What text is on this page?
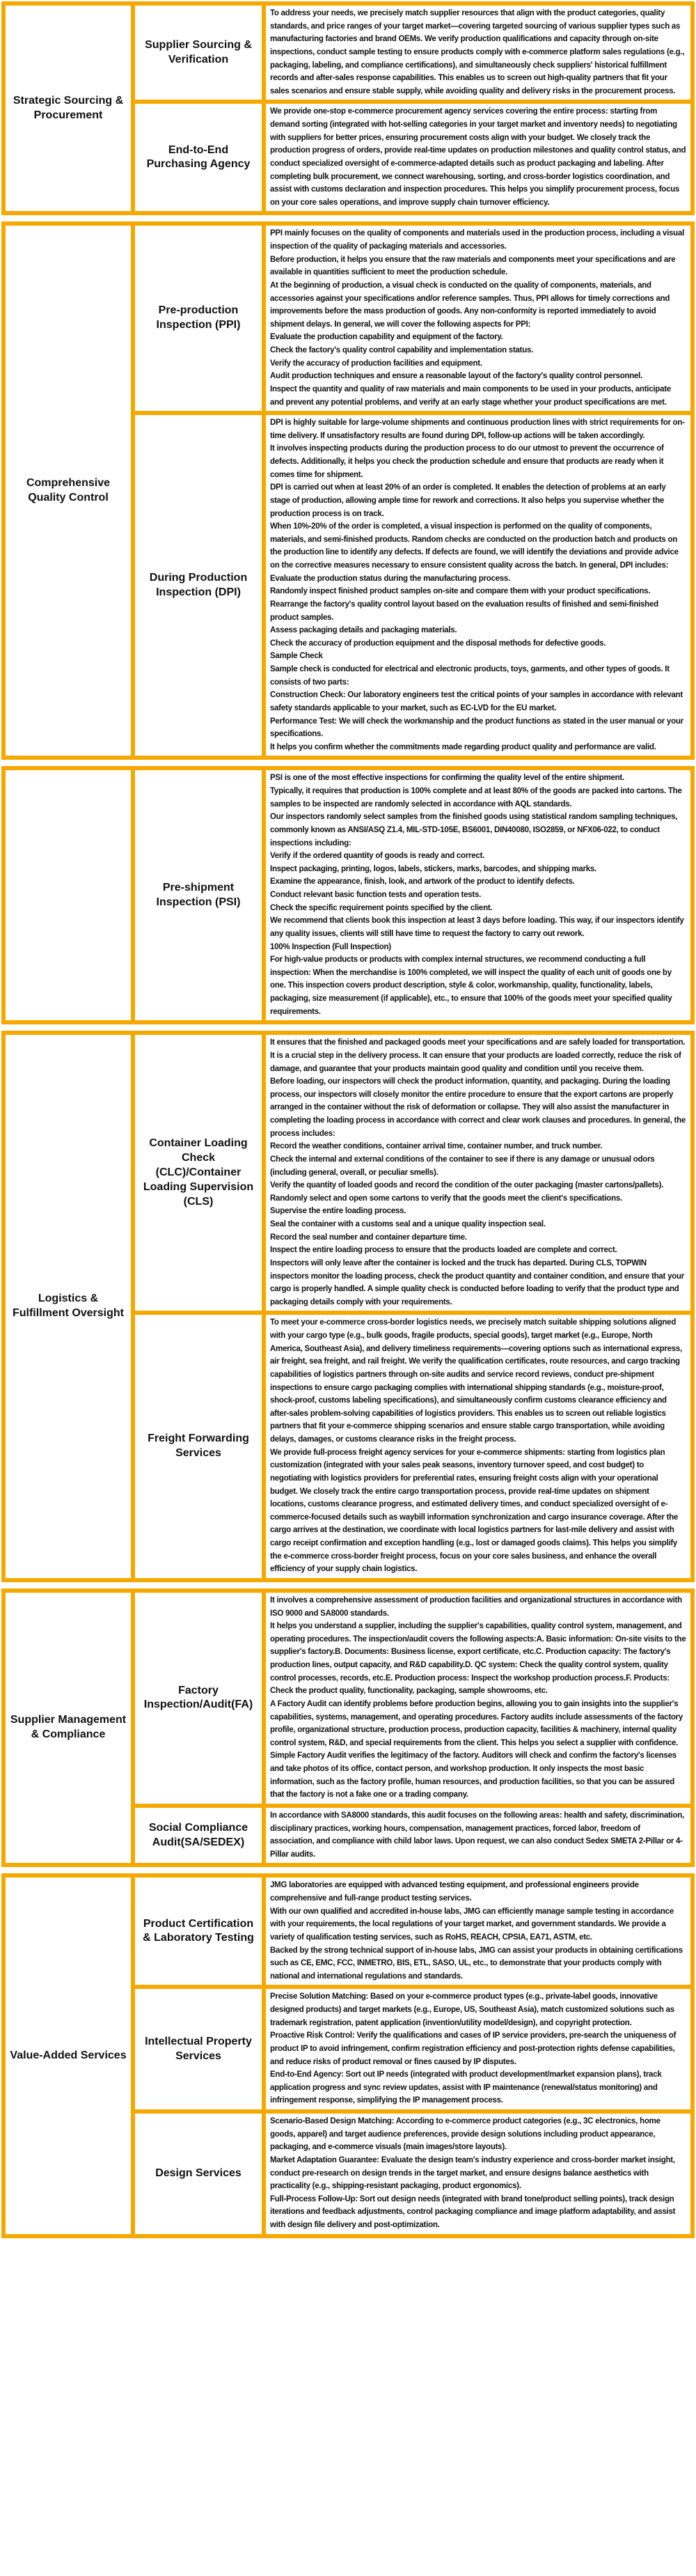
Strategic Sourcing & Procurement
Supplier Sourcing & Verification

To address your needs, we precisely match supplier resources that align with the product categories, quality standards, and price ranges of your target market—covering targeted sourcing of various supplier types such as manufacturing factories and brand OEMs. We verify production qualifications and capacity through on-site inspections, conduct sample testing to ensure products comply with e-commerce platform sales regulations (e.g., packaging, labeling, and compliance certifications), and simultaneously check suppliers' historical fulfillment records and after-sales response capabilities. This enables us to screen out high-quality partners that fit your sales scenarios and ensure stable supply, while avoiding quality and delivery risks in the procurement process.

End-to-End Purchasing Agency

We provide one-stop e-commerce procurement agency services covering the entire process: starting from demand sorting (integrated with hot-selling categories in your target market and inventory needs) to negotiating with suppliers for better prices, ensuring procurement costs align with your budget. We closely track the production progress of orders, provide real-time updates on production milestones and quality control status, and conduct specialized oversight of e-commerce-adapted details such as product packaging and labeling. After completing bulk procurement, we connect warehousing, sorting, and cross-border logistics coordination, and assist with customs declaration and inspection procedures. This helps you simplify procurement process, focus on your core sales operations, and improve supply chain turnover efficiency.

Comprehensive Quality Control
Pre-production Inspection (PPI)

PPI mainly focuses on the quality of components and materials used in the production process, including a visual inspection of the quality of packaging materials and accessories.

Before production, it helps you ensure that the raw materials and components meet your specifications and are available in quantities sufficient to meet the production schedule.

At the beginning of production, a visual check is conducted on the quality of components, materials, and accessories against your specifications and/or reference samples. Thus, PPI allows for timely corrections and improvements before the mass production of goods. Any non-conformity is reported immediately to avoid shipment delays. In general, we will cover the following aspects for PPI:

Evaluate the production capability and equipment of the factory.

Check the factory's quality control capability and implementation status.

Verify the accuracy of production facilities and equipment.

Audit production techniques and ensure a reasonable layout of the factory's quality control personnel.

Inspect the quantity and quality of raw materials and main components to be used in your products, anticipate and prevent any potential problems, and verify at an early stage whether your product specifications are met.

During Production Inspection (DPI)

DPI is highly suitable for large-volume shipments and continuous production lines with strict requirements for on-time delivery. If unsatisfactory results are found during DPI, follow-up actions will be taken accordingly.

It involves inspecting products during the production process to do our utmost to prevent the occurrence of defects. Additionally, it helps you check the production schedule and ensure that products are ready when it comes time for shipment.

DPI is carried out when at least 20% of an order is completed. It enables the detection of problems at an early stage of production, allowing ample time for rework and corrections. It also helps you supervise whether the production process is on track.

When 10%-20% of the order is completed, a visual inspection is performed on the quality of components, materials, and semi-finished products. Random checks are conducted on the production batch and products on the production line to identify any defects. If defects are found, we will identify the deviations and provide advice on the corrective measures necessary to ensure consistent quality across the batch. In general, DPI includes:

Evaluate the production status during the manufacturing process.

Randomly inspect finished product samples on-site and compare them with your product specifications.

Rearrange the factory's quality control layout based on the evaluation results of finished and semi-finished product samples.

Assess packaging details and packaging materials.

Check the accuracy of production equipment and the disposal methods for defective goods.

Sample Check

Sample check is conducted for electrical and electronic products, toys, garments, and other types of goods. It consists of two parts:

Construction Check: Our laboratory engineers test the critical points of your samples in accordance with relevant safety standards applicable to your market, such as EC-LVD for the EU market.

Performance Test: We will check the workmanship and the product functions as stated in the user manual or your specifications.

It helps you confirm whether the commitments made regarding product quality and performance are valid.

Pre-shipment Inspection (PSI)

PSI is one of the most effective inspections for confirming the quality level of the entire shipment.

Typically, it requires that production is 100% complete and at least 80% of the goods are packed into cartons. The samples to be inspected are randomly selected in accordance with AQL standards.

Our inspectors randomly select samples from the finished goods using statistical random sampling techniques, commonly known as ANSI/ASQ Z1.4, MIL-STD-105E, BS6001, DIN40080, ISO2859, or NFX06-022, to conduct inspections including:

Verify if the ordered quantity of goods is ready and correct.

Inspect packaging, printing, logos, labels, stickers, marks, barcodes, and shipping marks.

Examine the appearance, finish, look, and artwork of the product to identify defects.

Conduct relevant basic function tests and operation tests.

Check the specific requirement points specified by the client.

We recommend that clients book this inspection at least 3 days before loading. This way, if our inspectors identify any quality issues, clients will still have time to request the factory to carry out rework.

100% Inspection (Full Inspection)

For high-value products or products with complex internal structures, we recommend conducting a full inspection: When the merchandise is 100% completed, we will inspect the quality of each unit of goods one by one. This inspection covers product description, style & color, workmanship, quality, functionality, labels, packaging, size measurement (if applicable), etc., to ensure that 100% of the goods meet your specified quality requirements.

Logistics & Fulfillment Oversight
Container Loading Check (CLC)/Container Loading Supervision (CLS)

It ensures that the finished and packaged goods meet your specifications and are safely loaded for transportation.

It is a crucial step in the delivery process. It can ensure that your products are loaded correctly, reduce the risk of damage, and guarantee that your products maintain good quality and condition until you receive them.

Before loading, our inspectors will check the product information, quantity, and packaging. During the loading process, our inspectors will closely monitor the entire procedure to ensure that the export cartons are properly arranged in the container without the risk of deformation or collapse. They will also assist the manufacturer in completing the loading process in accordance with correct and clear work clauses and procedures. In general, the process includes:

Record the weather conditions, container arrival time, container number, and truck number.

Check the internal and external conditions of the container to see if there is any damage or unusual odors (including general, overall, or peculiar smells).

Verify the quantity of loaded goods and record the condition of the outer packaging (master cartons/pallets).

Randomly select and open some cartons to verify that the goods meet the client's specifications.

Supervise the entire loading process.

Seal the container with a customs seal and a unique quality inspection seal.

Record the seal number and container departure time.

Inspect the entire loading process to ensure that the products loaded are complete and correct.

Inspectors will only leave after the container is locked and the truck has departed. During CLS, TOPWIN inspectors monitor the loading process, check the product quantity and container condition, and ensure that your cargo is properly handled. A simple quality check is conducted before loading to verify that the product type and packaging details comply with your requirements.

Freight Forwarding Services

To meet your e-commerce cross-border logistics needs, we precisely match suitable shipping solutions aligned with your cargo type (e.g., bulk goods, fragile products, special goods), target market (e.g., Europe, North America, Southeast Asia), and delivery timeliness requirements—covering options such as international express, air freight, sea freight, and rail freight. We verify the qualification certificates, route resources, and cargo tracking capabilities of logistics partners through on-site audits and service record reviews, conduct pre-shipment inspections to ensure cargo packaging complies with international shipping standards (e.g., moisture-proof, shock-proof, customs labeling specifications), and simultaneously confirm customs clearance efficiency and after-sales problem-solving capabilities of logistics providers. This enables us to screen out reliable logistics partners that fit your e-commerce shipping scenarios and ensure stable cargo transportation, while avoiding delays, damages, or customs clearance risks in the freight process.

We provide full-process freight agency services for your e-commerce shipments: starting from logistics plan customization (integrated with your sales peak seasons, inventory turnover speed, and cost budget) to negotiating with logistics providers for preferential rates, ensuring freight costs align with your operational budget. We closely track the entire cargo transportation process, provide real-time updates on shipment locations, customs clearance progress, and estimated delivery times, and conduct specialized oversight of e-commerce-focused details such as waybill information synchronization and cargo insurance coverage. After the cargo arrives at the destination, we coordinate with local logistics partners for last-mile delivery and assist with cargo receipt confirmation and exception handling (e.g., lost or damaged goods claims). This helps you simplify the e-commerce cross-border freight process, focus on your core sales business, and enhance the overall efficiency of your supply chain logistics.

Supplier Management & Compliance
Factory Inspection/Audit(FA)

It involves a comprehensive assessment of production facilities and organizational structures in accordance with ISO 9000 and SA8000 standards.

It helps you understand a supplier, including the supplier's capabilities, quality control system, management, and operating procedures. The inspection/audit covers the following aspects:A. Basic information: On-site visits to the supplier's factory.B. Documents: Business license, export certificate, etc.C. Production capacity: The factory's production lines, output capacity, and R&D capability.D. QC system: Check the quality control system, quality control processes, records, etc.E. Production process: Inspect the workshop production process.F. Products: Check the product quality, functionality, packaging, sample showrooms, etc.

A Factory Audit can identify problems before production begins, allowing you to gain insights into the supplier's capabilities, systems, management, and operating procedures. Factory audits include assessments of the factory profile, organizational structure, production process, production capacity, facilities & machinery, internal quality control system, R&D, and special requirements from the client. This helps you select a supplier with confidence.

Simple Factory Audit verifies the legitimacy of the factory. Auditors will check and confirm the factory's licenses and take photos of its office, contact person, and workshop production. It only inspects the most basic information, such as the factory profile, human resources, and production facilities, so that you can be assured that the factory is not a fake one or a trading company.

Social Compliance Audit(SA/SEDEX)

In accordance with SA8000 standards, this audit focuses on the following areas: health and safety, discrimination, disciplinary practices, working hours, compensation, management practices, forced labor, freedom of association, and compliance with child labor laws. Upon request, we can also conduct Sedex SMETA 2-Pillar or 4-Pillar audits.

Value-Added Services
Product Certification & Laboratory Testing

JMG laboratories are equipped with advanced testing equipment, and professional engineers provide comprehensive and full-range product testing services.

With our own qualified and accredited in-house labs, JMG can efficiently manage sample testing in accordance with your requirements, the local regulations of your target market, and government standards. We provide a variety of qualification testing services, such as RoHS, REACH, CPSIA, EA71, ASTM, etc.

Backed by the strong technical support of in-house labs, JMG can assist your products in obtaining certifications such as CE, EMC, FCC, INMETRO, BIS, ETL, SASO, UL, etc., to demonstrate that your products comply with national and international regulations and standards.

Intellectual Property Services

Precise Solution Matching: Based on your e-commerce product types (e.g., private-label goods, innovative designed products) and target markets (e.g., Europe, US, Southeast Asia), match customized solutions such as trademark registration, patent application (invention/utility model/design), and copyright protection.

Proactive Risk Control: Verify the qualifications and cases of IP service providers, pre-search the uniqueness of product IP to avoid infringement, confirm registration efficiency and post-protection rights defense capabilities, and reduce risks of product removal or fines caused by IP disputes.

End-to-End Agency: Sort out IP needs (integrated with product development/market expansion plans), track application progress and sync review updates, assist with IP maintenance (renewal/status monitoring) and infringement response, simplifying the IP management process.

Design Services

Scenario-Based Design Matching: According to e-commerce product categories (e.g., 3C electronics, home goods, apparel) and target audience preferences, provide design solutions including product appearance, packaging, and e-commerce visuals (main images/store layouts).

Market Adaptation Guarantee: Evaluate the design team's industry experience and cross-border market insight, conduct pre-research on design trends in the target market, and ensure designs balance aesthetics with practicality (e.g., shipping-resistant packaging, product ergonomics).

Full-Process Follow-Up: Sort out design needs (integrated with brand tone/product selling points), track design iterations and feedback adjustments, control packaging compliance and image platform adaptability, and assist with design file delivery and post-optimization.
